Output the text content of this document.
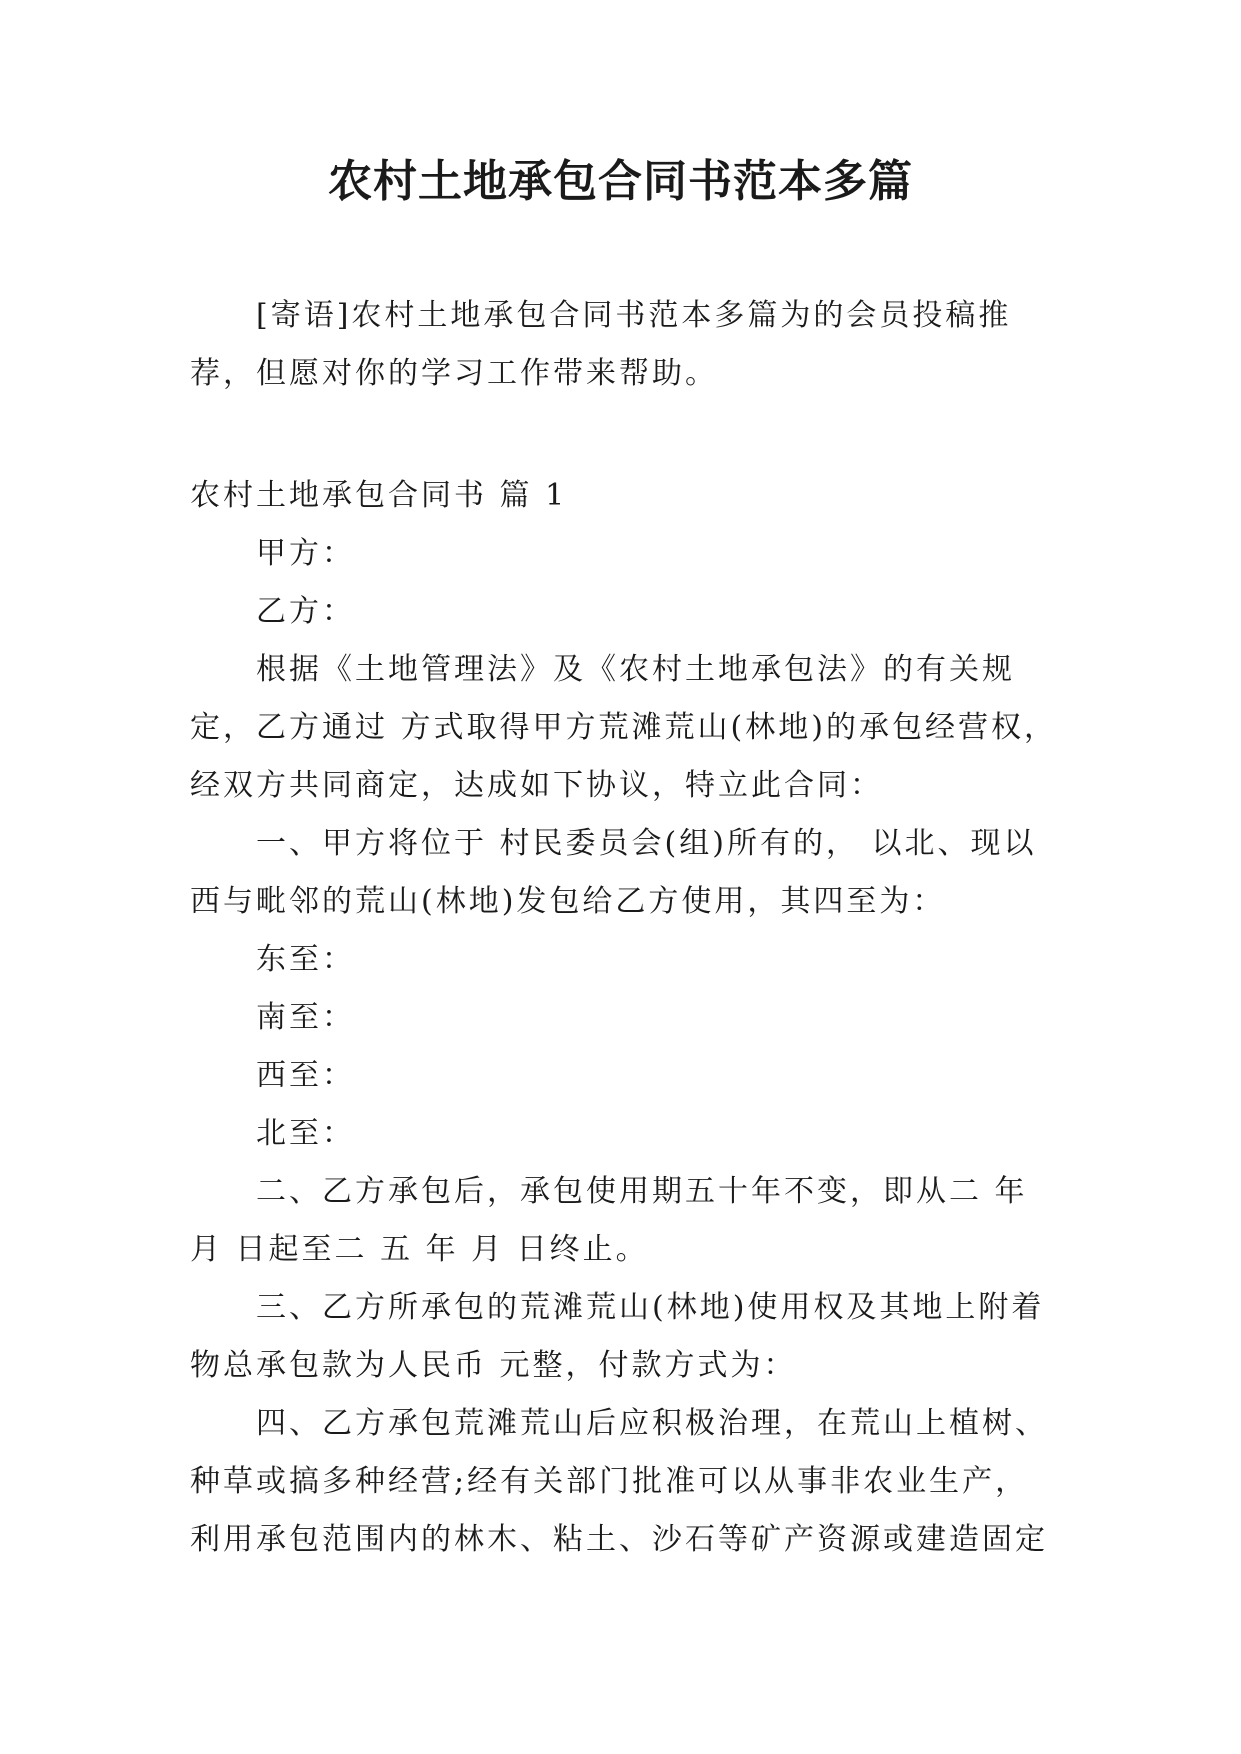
农村土地承包合同书范本多篇

[寄语]农村土地承包合同书范本多篇为的会员投稿推荐，但愿对你的学习工作带来帮助。

农村土地承包合同书 篇 1

甲方：

乙方：

根据《土地管理法》及《农村土地承包法》的有关规定，乙方通过 方式取得甲方荒滩荒山(林地)的承包经营权，经双方共同商定，达成如下协议，特立此合同：

一、甲方将位于 村民委员会(组)所有的， 以北、现以西与毗邻的荒山(林地)发包给乙方使用，其四至为：

东至：

南至：

西至：

北至：

二、乙方承包后，承包使用期五十年不变，即从二 年月 日起至二 五 年 月 日终止。

三、乙方所承包的荒滩荒山(林地)使用权及其地上附着物总承包款为人民币 元整，付款方式为：

四、乙方承包荒滩荒山后应积极治理，在荒山上植树、种草或搞多种经营;经有关部门批准可以从事非农业生产，利用承包范围内的林木、粘土、沙石等矿产资源或建造固定
